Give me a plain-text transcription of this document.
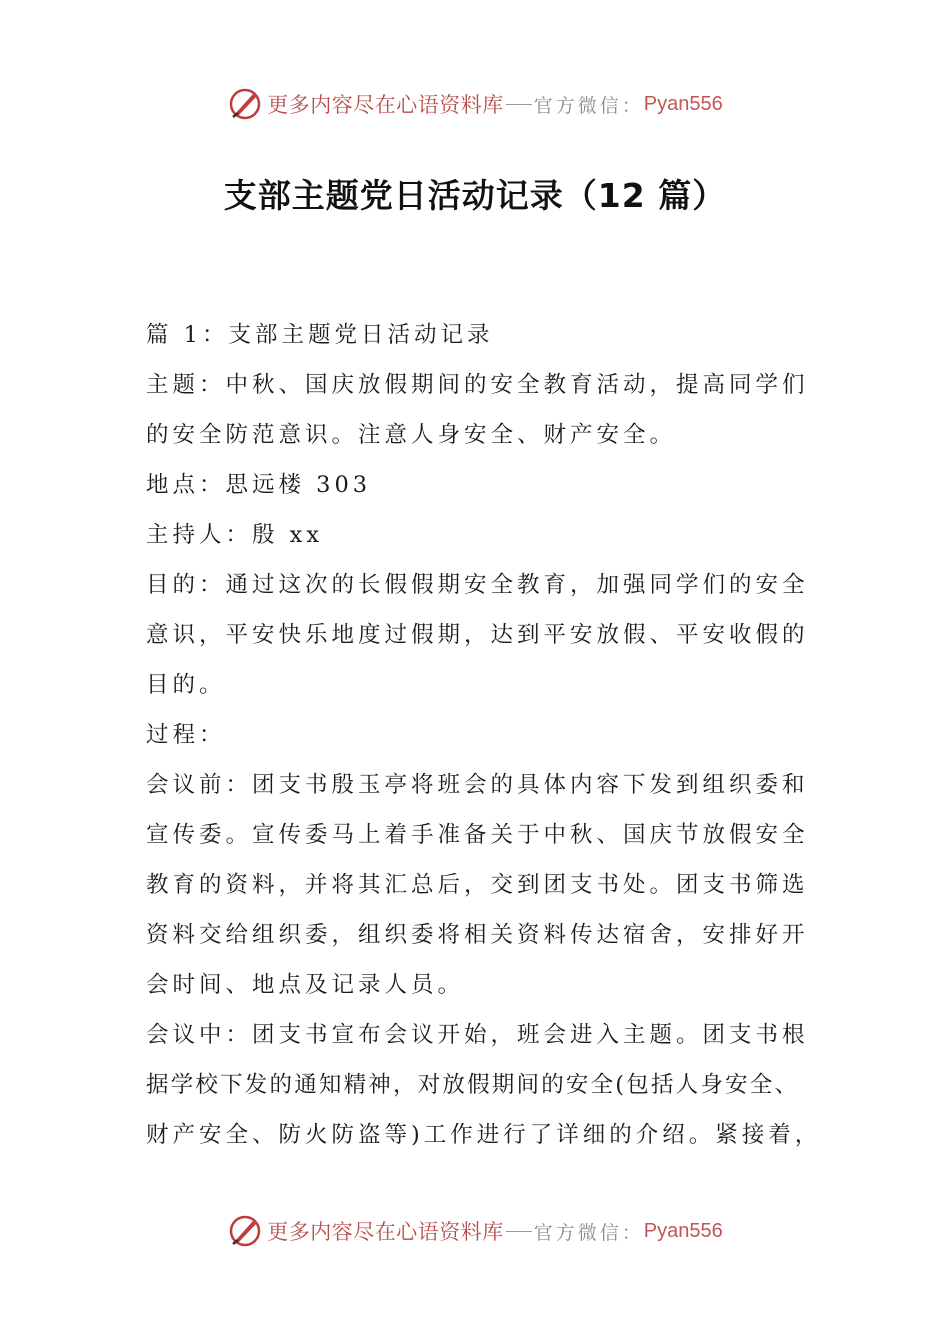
更多内容尽在心语资料库 官方微信： Pyan556
支部主题党日活动记录（12 篇）
篇 1：支部主题党日活动记录
主题：中秋、国庆放假期间的安全教育活动，提高同学们
的安全防范意识。注意人身安全、财产安全。
地点：思远楼 303
主持人：殷 xx
目的：通过这次的长假假期安全教育，加强同学们的安全
意识，平安快乐地度过假期，达到平安放假、平安收假的
目的。
过程：
会议前：团支书殷玉亭将班会的具体内容下发到组织委和
宣传委。宣传委马上着手准备关于中秋、国庆节放假安全
教育的资料，并将其汇总后，交到团支书处。团支书筛选
资料交给组织委，组织委将相关资料传达宿舍，安排好开
会时间、地点及记录人员。
会议中：团支书宣布会议开始，班会进入主题。团支书根
据学校下发的通知精神，对放假期间的安全(包括人身安全、
财产安全、防火防盗等)工作进行了详细的介绍。紧接着，
更多内容尽在心语资料库 官方微信： Pyan556
